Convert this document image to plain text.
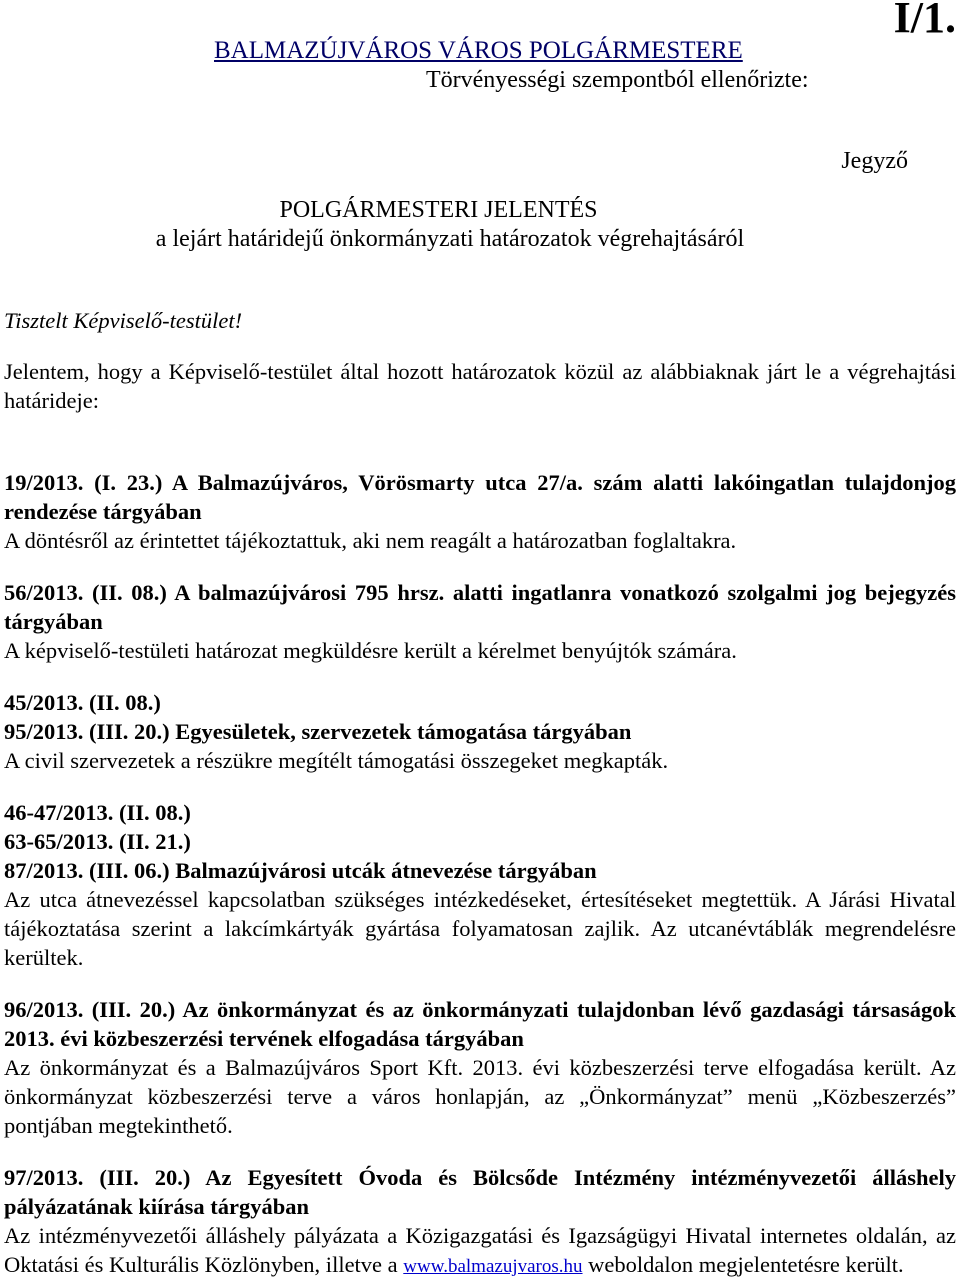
I/1.
BALMAZÚJVÁROS VÁROS POLGÁRMESTERE
Törvényességi szempontból ellenőrizte:
Jegyző
POLGÁRMESTERI JELENTÉS
a lejárt határidejű önkormányzati határozatok végrehajtásáról

Tisztelt Képviselő-testület!

Jelentem, hogy a Képviselő-testület által hozott határozatok közül az alábbiaknak járt le a végrehajtási határideje:

19/2013. (I. 23.) A Balmazújváros, Vörösmarty utca 27/a. szám alatti lakóingatlan tulajdonjog rendezése tárgyában

A döntésről az érintettet tájékoztattuk, aki nem reagált a határozatban foglaltakra.

56/2013. (II. 08.) A balmazújvárosi 795 hrsz. alatti ingatlanra vonatkozó szolgalmi jog bejegyzés tárgyában

A képviselő-testületi határozat megküldésre került a kérelmet benyújtók számára.

45/2013. (II. 08.)

95/2013. (III. 20.) Egyesületek, szervezetek támogatása tárgyában

A civil szervezetek a részükre megítélt támogatási összegeket megkapták.

46-47/2013. (II. 08.)

63-65/2013. (II. 21.)

87/2013. (III. 06.) Balmazújvárosi utcák átnevezése tárgyában

Az utca átnevezéssel kapcsolatban szükséges intézkedéseket, értesítéseket megtettük. A Járási Hivatal tájékoztatása szerint a lakcímkártyák gyártása folyamatosan zajlik. Az utcanévtáblák megrendelésre kerültek.

96/2013. (III. 20.) Az önkormányzat és az önkormányzati tulajdonban lévő gazdasági társaságok 2013. évi közbeszerzési tervének elfogadása tárgyában

Az önkormányzat és a Balmazújváros Sport Kft. 2013. évi közbeszerzési terve elfogadása került. Az önkormányzat közbeszerzési terve a város honlapján, az „Önkormányzat” menü „Közbeszerzés” pontjában megtekinthető.

97/2013. (III. 20.) Az Egyesített Óvoda és Bölcsőde Intézmény intézményvezetői álláshely pályázatának kiírása tárgyában

Az intézményvezetői álláshely pályázata a Közigazgatási és Igazságügyi Hivatal internetes oldalán, az Oktatási és Kulturális Közlönyben, illetve a www.balmazujvaros.hu weboldalon megjelentetésre került.
